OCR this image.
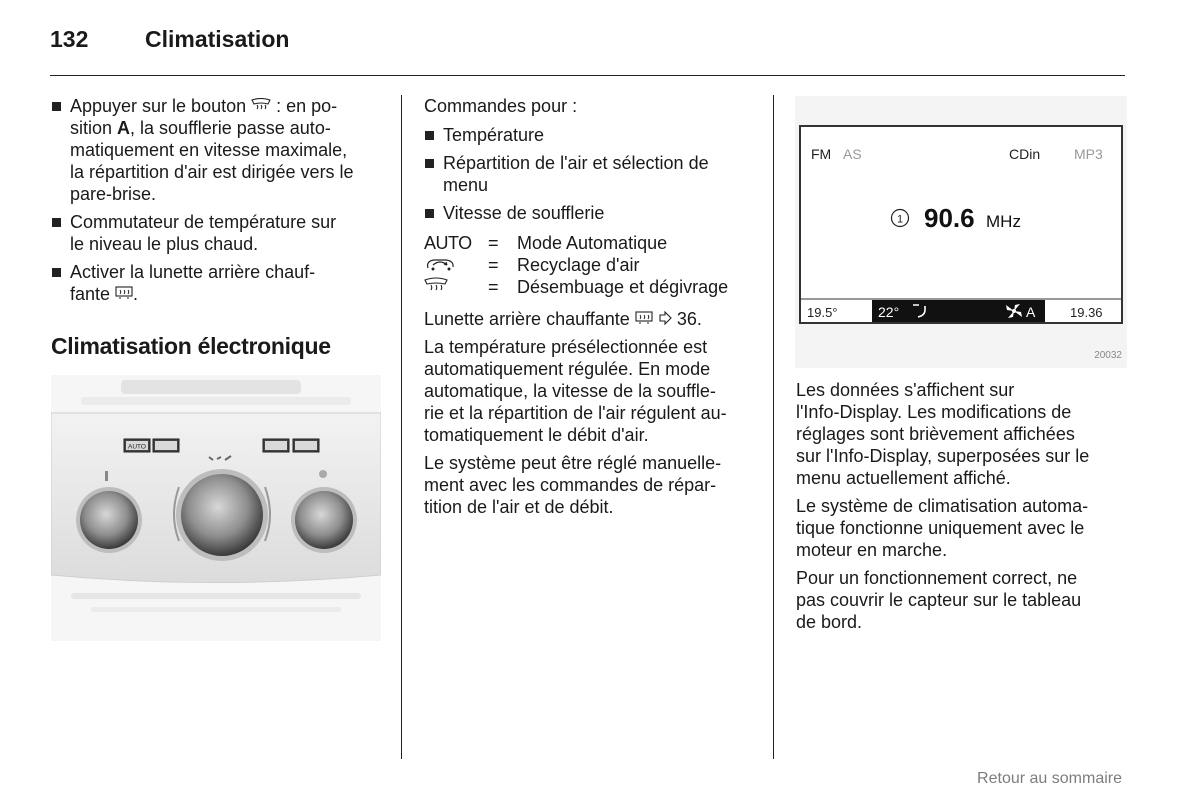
132 Climatisation
Appuyer sur le bouton  : en po-
sition A, la soufflerie passe auto-
matiquement en vitesse maximale,
la répartition d'air est dirigée vers le
pare-brise.
Commutateur de température sur
le niveau le plus chaud.
Activer la lunette arrière chauf-
fante .
Climatisation électronique
AUTO

Commandes pour :

Température
Répartition de l'air et sélection de
menu
Vitesse de soufflerie
AUTO =	Mode Automatique
=	Recyclage d'air
=	Désembuage et dégivrage

Lunette arrière chauffante   36.

La température présélectionnée est
automatiquement régulée. En mode
automatique, la vitesse de la souffle-
rie et la répartition de l'air régulent au-
tomatiquement le débit d'air.

Le système peut être réglé manuelle-
ment avec les commandes de répar-
tition de l'air et de débit.

FM AS	CDin MP3
1 90.6 MHz
19.5°	22°	A	19.36
20032

Les données s'affichent sur
l'Info-Display. Les modifications de
réglages sont brièvement affichées
sur l'Info-Display, superposées sur le
menu actuellement affiché.

Le système de climatisation automa-
tique fonctionne uniquement avec le
moteur en marche.

Pour un fonctionnement correct, ne
pas couvrir le capteur sur le tableau
de bord.

Retour au sommaire
